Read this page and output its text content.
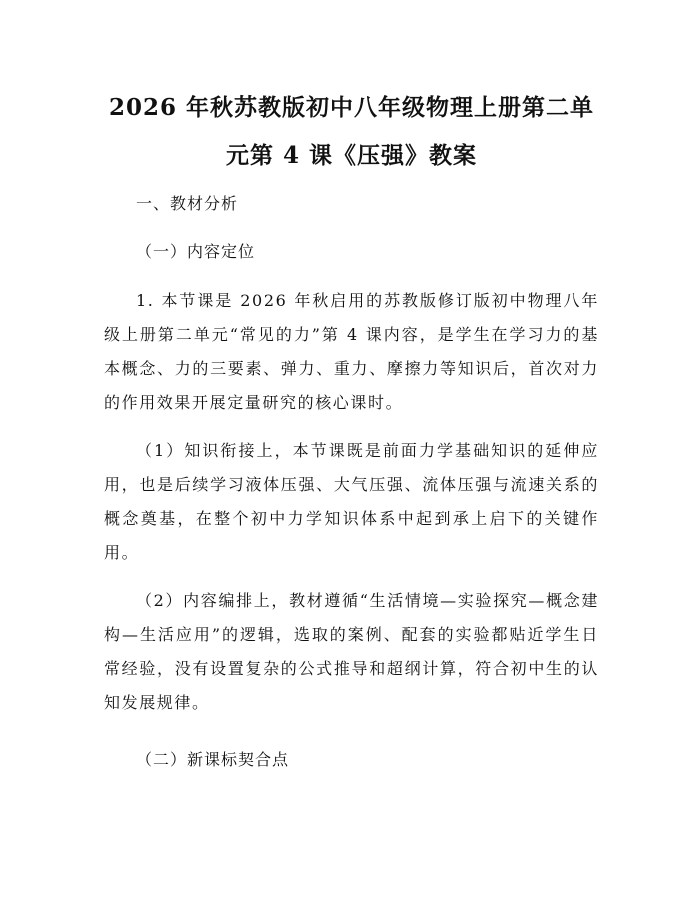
2026 年秋苏教版初中八年级物理上册第二单元第 4 课《压强》教案

一、教材分析

（一）内容定位

1. 本节课是 2026 年秋启用的苏教版修订版初中物理八年级上册第二单元“常见的力”第 4 课内容，是学生在学习力的基本概念、力的三要素、弹力、重力、摩擦力等知识后，首次对力的作用效果开展定量研究的核心课时。

（1）知识衔接上，本节课既是前面力学基础知识的延伸应用，也是后续学习液体压强、大气压强、流体压强与流速关系的概念奠基，在整个初中力学知识体系中起到承上启下的关键作用。

（2）内容编排上，教材遵循“生活情境—实验探究—概念建构—生活应用”的逻辑，选取的案例、配套的实验都贴近学生日常经验，没有设置复杂的公式推导和超纲计算，符合初中生的认知发展规律。

（二）新课标契合点
